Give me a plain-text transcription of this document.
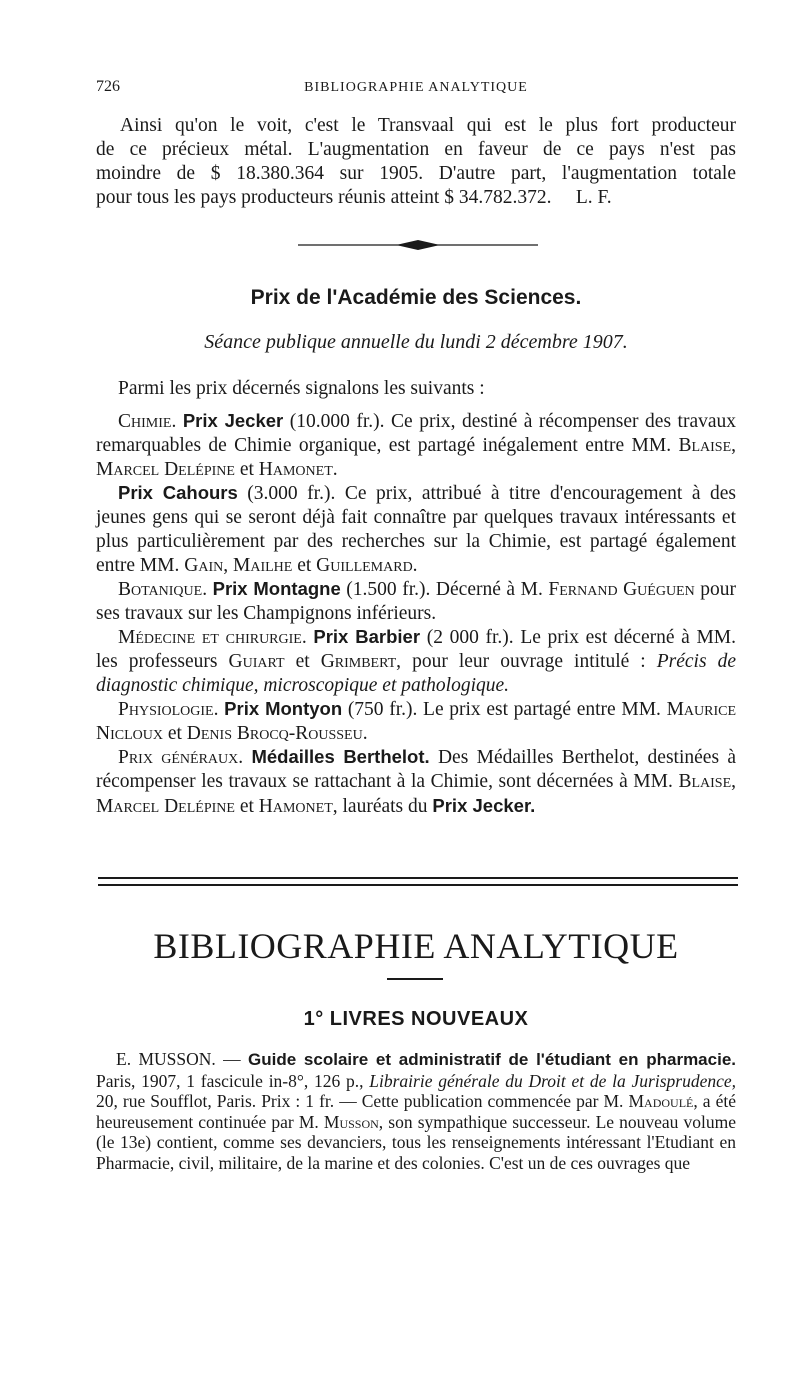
726	BIBLIOGRAPHIE ANALYTIQUE
Ainsi qu'on le voit, c'est le Transvaal qui est le plus fort producteur
de ce précieux métal. L'augmentation en faveur de ce pays n'est pas
moindre de $ 18.380.364 sur 1905. D'autre part, l'augmentation totale
pour tous les pays producteurs réunis atteint $ 34.782.372.     L. F.
Prix de l'Académie des Sciences.
Séance publique annuelle du lundi 2 décembre 1907.
Parmi les prix décernés signalons les suivants :
Chimie. Prix Jecker (10.000 fr.). Ce prix, destiné à récompenser des travaux remarquables de Chimie organique, est partagé inégalement entre MM. Blaise, Marcel Delépine et Hamonet.
Prix Cahours (3.000 fr.). Ce prix, attribué à titre d'encouragement à des jeunes gens qui se seront déjà fait connaître par quelques travaux intéressants et plus particulièrement par des recherches sur la Chimie, est partagé également entre MM. Gain, Mailhe et Guillemard.
Botanique. Prix Montagne (1.500 fr.). Décerné à M. Fernand Guéguen pour ses travaux sur les Champignons inférieurs.
Médecine et chirurgie. Prix Barbier (2 000 fr.). Le prix est décerné à MM. les professeurs Guiart et Grimbert, pour leur ouvrage intitulé : Précis de diagnostic chimique, microscopique et pathologique.
Physiologie. Prix Montyon (750 fr.). Le prix est partagé entre MM. Maurice Nicloux et Denis Brocq-Rousseu.
Prix généraux. Médailles Berthelot. Des Médailles Berthelot, destinées à récompenser les travaux se rattachant à la Chimie, sont décernées à MM. Blaise, Marcel Delépine et Hamonet, lauréats du Prix Jecker.
BIBLIOGRAPHIE ANALYTIQUE
1° LIVRES NOUVEAUX
E. MUSSON. — Guide scolaire et administratif de l'étudiant en pharmacie. Paris, 1907, 1 fascicule in-8°, 126 p., Librairie générale du Droit et de la Jurisprudence, 20, rue Soufflot, Paris. Prix : 1 fr. — Cette publication commencée par M. Madoulé, a été heureusement continuée par M. Musson, son sympathique successeur. Le nouveau volume (le 13e) contient, comme ses devanciers, tous les renseignements intéressant l'Etudiant en Pharmacie, civil, militaire, de la marine et des colonies. C'est un de ces ouvrages que
